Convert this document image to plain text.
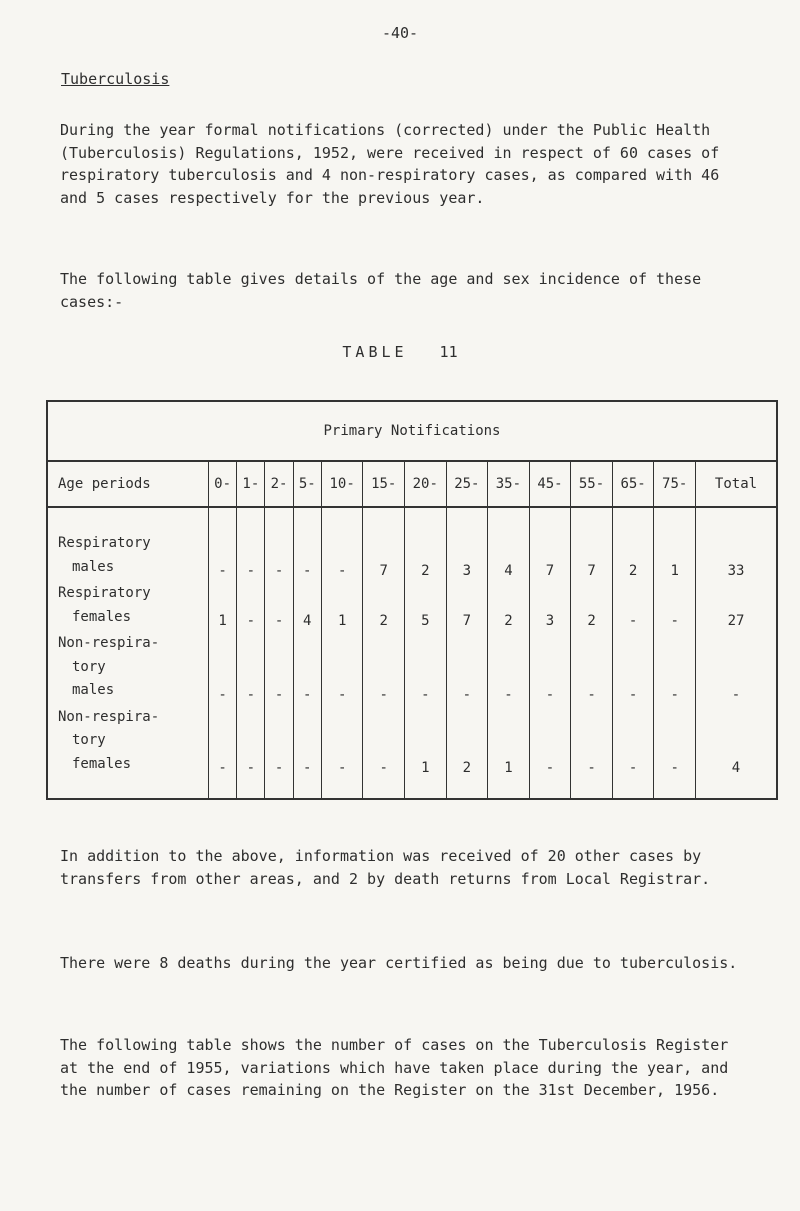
-40-
Tuberculosis

During the year formal notifications (corrected) under the Public Health (Tuberculosis) Regulations, 1952, were received in respect of 60 cases of respiratory tuberculosis and 4 non-respiratory cases, as compared with 46 and 5 cases respectively for the previous year.

The following table gives details of the age and sex incidence of these cases:-

TABLE 11
Primary Notifications														
Age periods	0-	1-	2-	5-	10-	15-	20-	25-	35-	45-	55-	65-	75-	Total

Respiratory
males	-	-	-	-	-	7	2	3	4	7	7	2	1	33

Respiratory
females	1	-	-	4	1	2	5	7	2	3	2	-	-	27

Non-respira-
tory
males	-	-	-	-	-	-	-	-	-	-	-	-	-	-

Non-respira-
tory
females	-	-	-	-	-	-	1	2	1	-	-	-	-	4

In addition to the above, information was received of 20 other cases by transfers from other areas, and 2 by death returns from Local Registrar.

There were 8 deaths during the year certified as being due to tuberculosis.

The following table shows the number of cases on the Tuberculosis Register at the end of 1955, variations which have taken place during the year, and the number of cases remaining on the Register on the 31st December, 1956.
